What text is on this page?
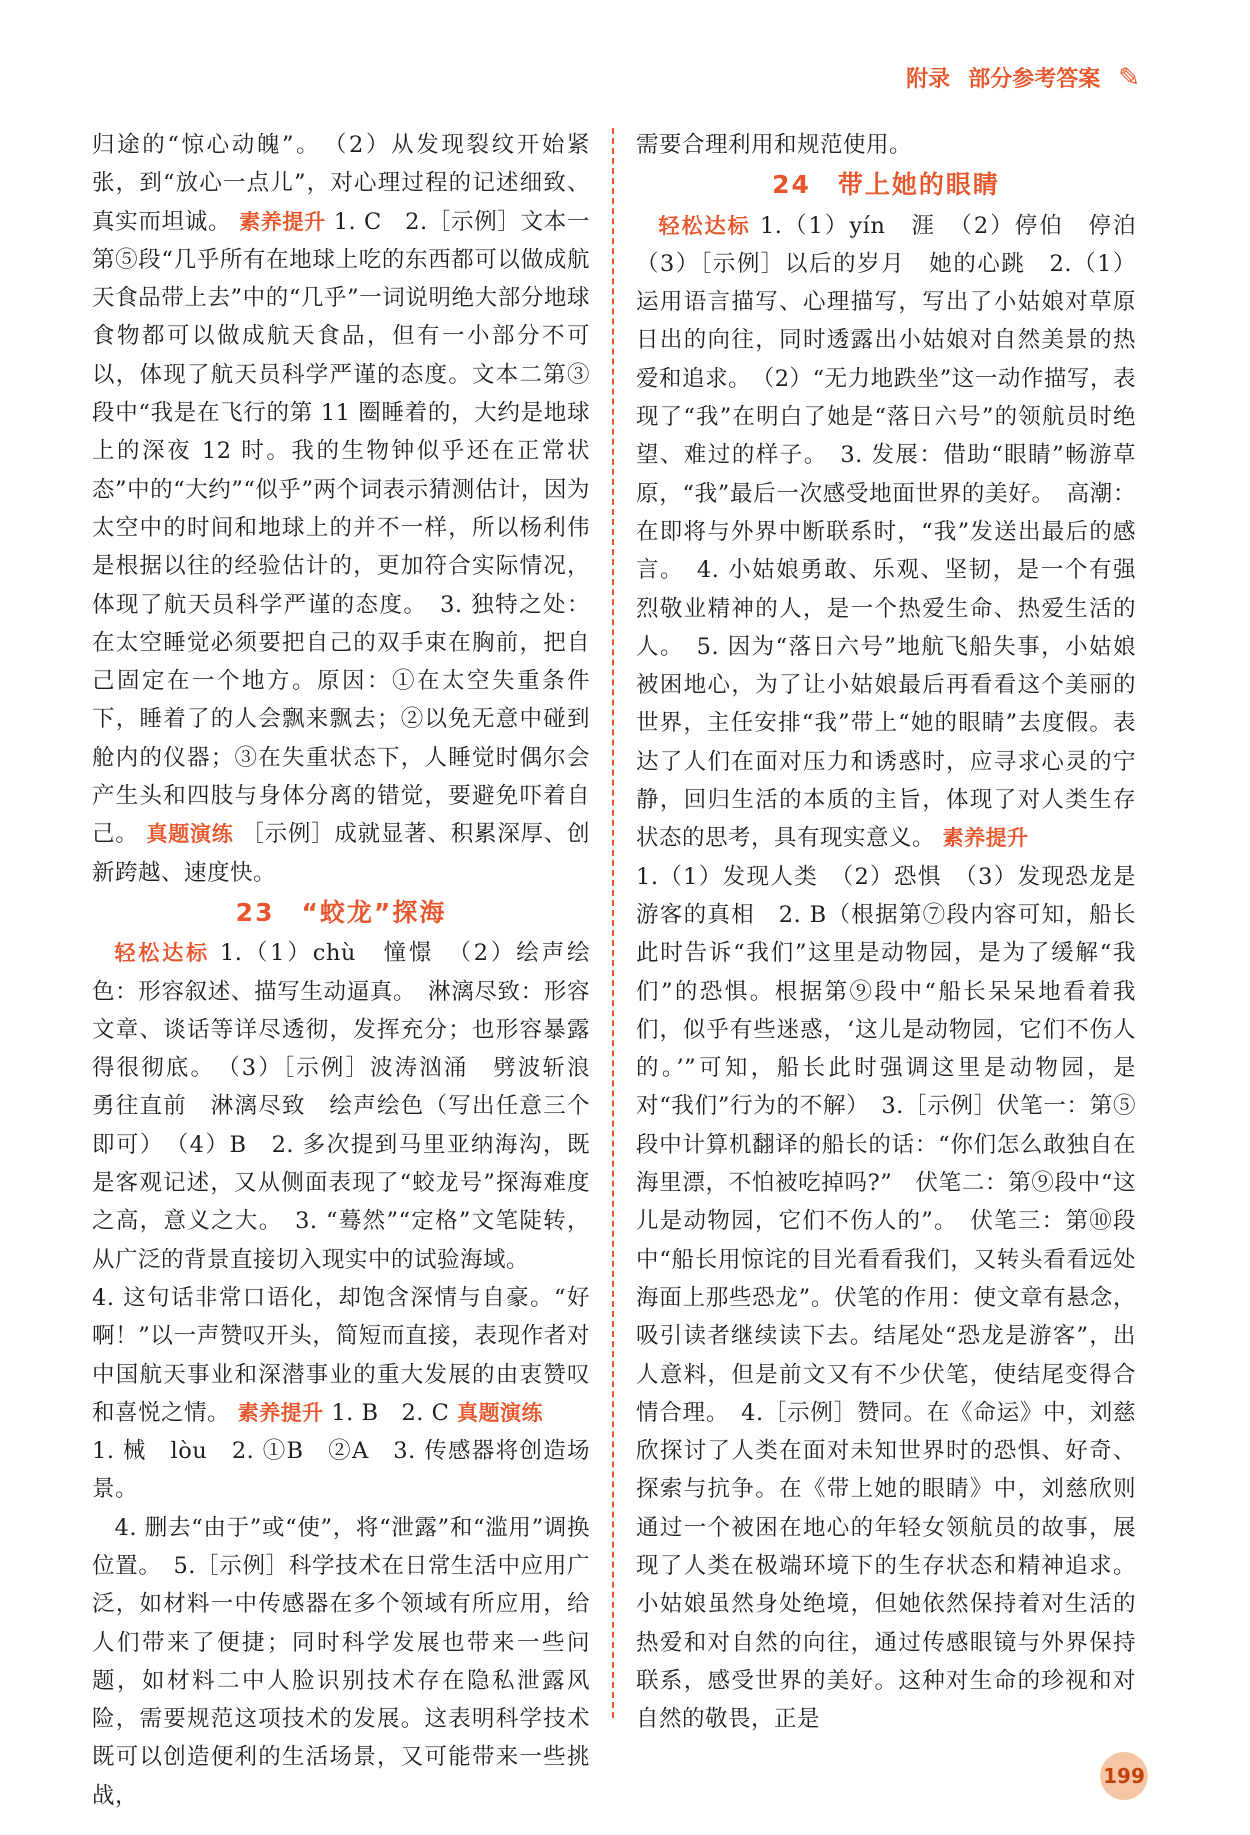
附录 部分参考答案 ✎

归途的“惊心动魄”。　（2）从发现裂纹开始紧张，到“放心一点儿”，对心理过程的记述细致、真实而坦诚。 素养提升 1. C　2.［示例］文本一第⑤段“几乎所有在地球上吃的东西都可以做成航天食品带上去”中的“几乎”一词说明绝大部分地球食物都可以做成航天食品，但有一小部分不可以，体现了航天员科学严谨的态度。文本二第③段中“我是在飞行的第 11 圈睡着的，大约是地球上的深夜 12 时。我的生物钟似乎还在正常状态”中的“大约”“似乎”两个词表示猜测估计，因为太空中的时间和地球上的并不一样，所以杨利伟是根据以往的经验估计的，更加符合实际情况，体现了航天员科学严谨的态度。　3. 独特之处：在太空睡觉必须要把自己的双手束在胸前，把自己固定在一个地方。原因：①在太空失重条件下，睡着了的人会飘来飘去；②以免无意中碰到舱内的仪器；③在失重状态下，人睡觉时偶尔会产生头和四肢与身体分离的错觉，要避免吓着自己。 真题演练 ［示例］成就显著、积累深厚、创新跨越、速度快。

23　“蛟龙”探海

轻松达标 1.（1）chù　憧憬　（2）绘声绘色：形容叙述、描写生动逼真。　淋漓尽致：形容文章、谈话等详尽透彻，发挥充分；也形容暴露得很彻底。　（3）［示例］波涛汹涌　劈波斩浪　勇往直前　淋漓尽致　绘声绘色（写出任意三个即可）　（4）B　2. 多次提到马里亚纳海沟，既是客观记述，又从侧面表现了“蛟龙号”探海难度之高，意义之大。　3. “蓦然”“定格”文笔陡转，从广泛的背景直接切入现实中的试验海域。

4. 这句话非常口语化，却饱含深情与自豪。“好啊！”以一声赞叹开头，简短而直接，表现作者对中国航天事业和深潜事业的重大发展的由衷赞叹和喜悦之情。 素养提升 1. B　2. C 真题演练

1. 械　lòu　2. ①B　②A　3. 传感器将创造场景。

4. 删去“由于”或“使”，将“泄露”和“滥用”调换位置。　5.［示例］科学技术在日常生活中应用广泛，如材料一中传感器在多个领域有所应用，给人们带来了便捷；同时科学发展也带来一些问题，如材料二中人脸识别技术存在隐私泄露风险，需要规范这项技术的发展。这表明科学技术既可以创造便利的生活场景，又可能带来一些挑战，

需要合理利用和规范使用。

24　带上她的眼睛

轻松达标 1.（1）yín　涯　（2）停伯　停泊　（3）［示例］以后的岁月　她的心跳　2.（1）运用语言描写、心理描写，写出了小姑娘对草原日出的向往，同时透露出小姑娘对自然美景的热爱和追求。　（2）“无力地跌坐”这一动作描写，表现了“我”在明白了她是“落日六号”的领航员时绝望、难过的样子。　3. 发展：借助“眼睛”畅游草原，“我”最后一次感受地面世界的美好。　高潮：在即将与外界中断联系时，“我”发送出最后的感言。　4. 小姑娘勇敢、乐观、坚韧，是一个有强烈敬业精神的人，是一个热爱生命、热爱生活的人。　5. 因为“落日六号”地航飞船失事，小姑娘被困地心，为了让小姑娘最后再看看这个美丽的世界，主任安排“我”带上“她的眼睛”去度假。表达了人们在面对压力和诱惑时，应寻求心灵的宁静，回归生活的本质的主旨，体现了对人类生存状态的思考，具有现实意义。 素养提升

1.（1）发现人类　（2）恐惧　（3）发现恐龙是游客的真相　2. B（根据第⑦段内容可知，船长此时告诉“我们”这里是动物园，是为了缓解“我们”的恐惧。根据第⑨段中“船长呆呆地看着我们，似乎有些迷惑，‘这儿是动物园，它们不伤人的。’”可知，船长此时强调这里是动物园，是对“我们”行为的不解）　3.［示例］伏笔一：第⑤段中计算机翻译的船长的话：“你们怎么敢独自在海里漂，不怕被吃掉吗?”　伏笔二：第⑨段中“这儿是动物园，它们不伤人的”。　伏笔三：第⑩段中“船长用惊诧的目光看看我们，又转头看看远处海面上那些恐龙”。伏笔的作用：使文章有悬念，吸引读者继续读下去。结尾处“恐龙是游客”，出人意料，但是前文又有不少伏笔，使结尾变得合情合理。　4.［示例］赞同。在《命运》中，刘慈欣探讨了人类在面对未知世界时的恐惧、好奇、探索与抗争。在《带上她的眼睛》中，刘慈欣则通过一个被困在地心的年轻女领航员的故事，展现了人类在极端环境下的生存状态和精神追求。小姑娘虽然身处绝境，但她依然保持着对生活的热爱和对自然的向往，通过传感眼镜与外界保持联系，感受世界的美好。这种对生命的珍视和对自然的敬畏，正是

199
